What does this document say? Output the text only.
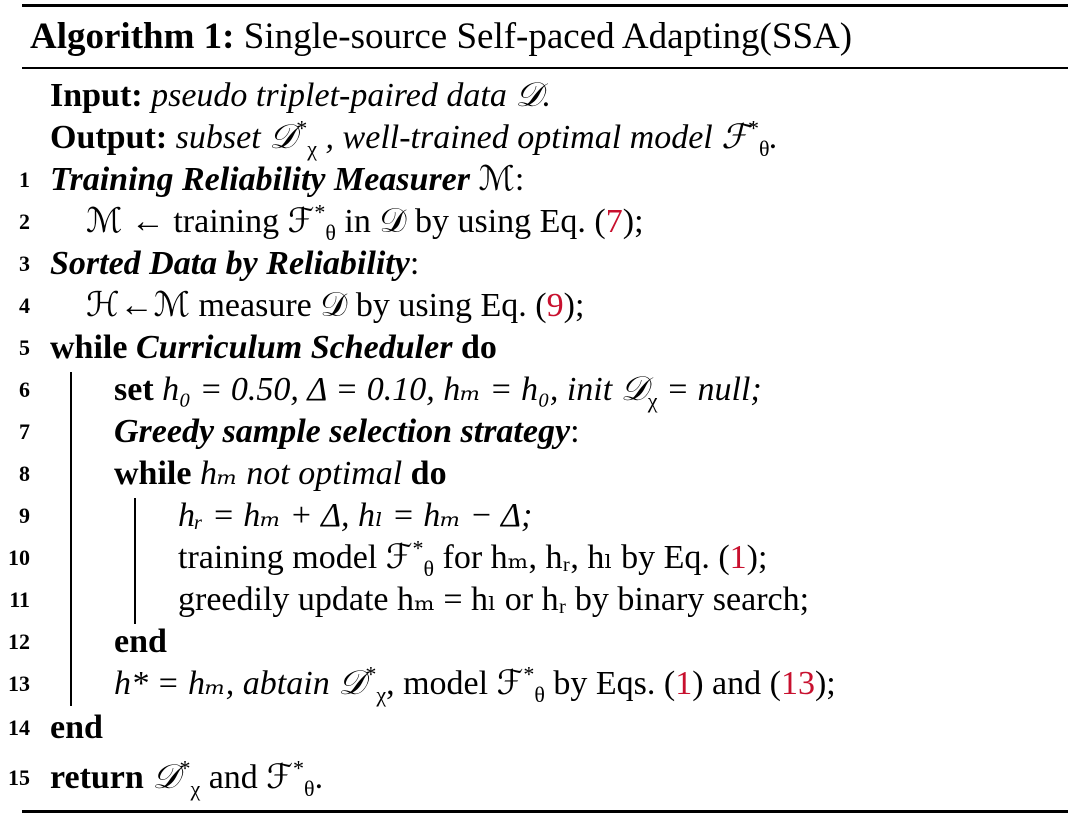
Algorithm 1: Single-source Self-paced Adapting(SSA)
Input: pseudo triplet-paired data 𝒟.
Output: subset 𝒟*$_\chi$ , well-trained optimal model ℱ*$_\theta$.
1 Training Reliability Measurer ℳ:
2 ℳ ← training ℱ*$_\theta$ in 𝒟 by using Eq. (7);
3 Sorted Data by Reliability:
4 ℋ←ℳ measure 𝒟 by using Eq. (9);
5 while Curriculum Scheduler do
6 set h₀ = 0.50, Δ = 0.10, hₘ = h₀, init 𝒟$_\chi$ = null;
7 Greedy sample selection strategy:
8 while hₘ not optimal do
9	hᵣ = hₘ + Δ, hₗ = hₘ − Δ;
10	training model ℱ*$_\theta$ for hₘ, hᵣ, hₗ by Eq. (1);
11	greedily update hₘ = hₗ or hᵣ by binary search;
12 end
13 h* = hₘ, abtain 𝒟*$_\chi$, model ℱ*$_\theta$ by Eqs. (1) and (13);
14 end
15 return 𝒟*$_\chi$ and ℱ*$_\theta$.
